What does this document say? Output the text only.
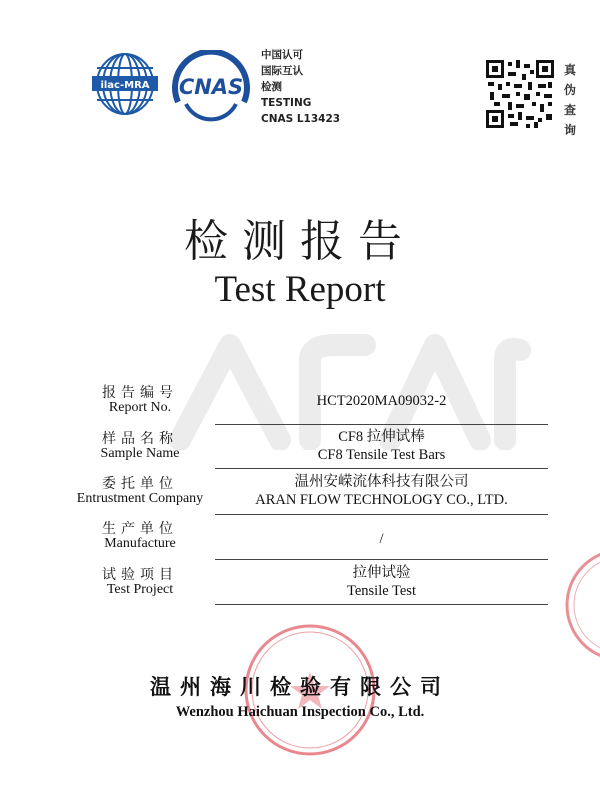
ilac-MRA CNAS
中国认可
国际互认
检测
TESTING
CNAS L13423
真
伪
查
询
检测报告
Test Report
报告编号
Report No.	HCT2020MA09032-2
样品名称
Sample Name
CF8 拉伸试棒
CF8 Tensile Test Bars
委托单位
Entrustment Company
温州安嵘流体科技有限公司
ARAN FLOW TECHNOLOGY CO., LTD.
生产单位
Manufacture	/
试验项目
Test Project
拉伸试验
Tensile Test
温州海川检验有限公司
Wenzhou Haichuan Inspection Co., Ltd.
